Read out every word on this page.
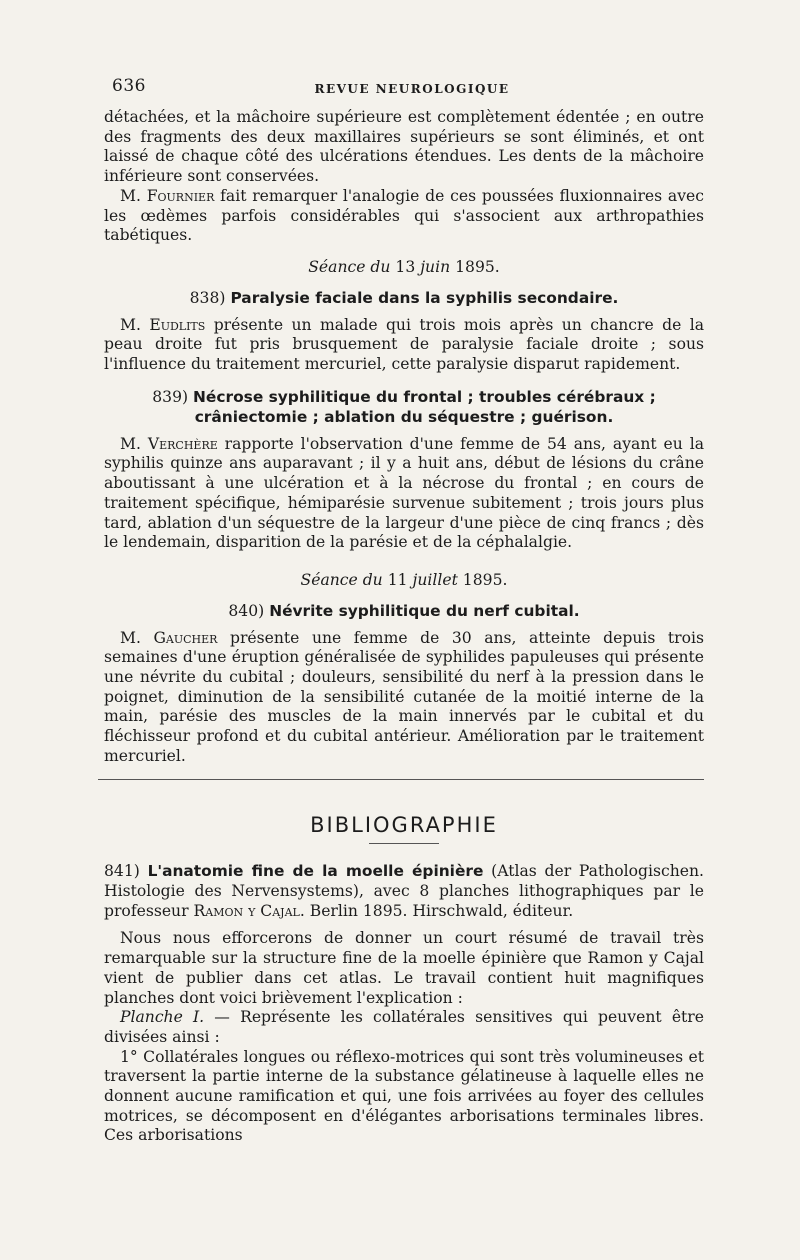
636	REVUE NEUROLOGIQUE

détachées, et la mâchoire supérieure est complètement édentée ; en outre des fragments des deux maxillaires supérieurs se sont éliminés, et ont laissé de chaque côté des ulcérations étendues. Les dents de la mâchoire inférieure sont conservées.

M. Fournier fait remarquer l'analogie de ces poussées fluxionnaires avec les œdèmes parfois considérables qui s'associent aux arthropathies tabétiques.

Séance du 13 juin 1895.

838) Paralysie faciale dans la syphilis secondaire.

M. Eudlits présente un malade qui trois mois après un chancre de la peau droite fut pris brusquement de paralysie faciale droite ; sous l'influence du traitement mercuriel, cette paralysie disparut rapidement.

839) Nécrose syphilitique du frontal ; troubles cérébraux ; crâniectomie ; ablation du séquestre ; guérison.

M. Verchère rapporte l'observation d'une femme de 54 ans, ayant eu la syphilis quinze ans auparavant ; il y a huit ans, début de lésions du crâne aboutissant à une ulcération et à la nécrose du frontal ; en cours de traitement spécifique, hémiparésie survenue subitement ; trois jours plus tard, ablation d'un séquestre de la largeur d'une pièce de cinq francs ; dès le lendemain, disparition de la parésie et de la céphalalgie.

Séance du 11 juillet 1895.

840) Névrite syphilitique du nerf cubital.

M. Gaucher présente une femme de 30 ans, atteinte depuis trois semaines d'une éruption généralisée de syphilides papuleuses qui présente une névrite du cubital ; douleurs, sensibilité du nerf à la pression dans le poignet, diminution de la sensibilité cutanée de la moitié interne de la main, parésie des muscles de la main innervés par le cubital et du fléchisseur profond et du cubital antérieur. Amélioration par le traitement mercuriel.

BIBLIOGRAPHIE

841) L'anatomie fine de la moelle épinière (Atlas der Pathologischen. Histologie des Nervensystems), avec 8 planches lithographiques par le professeur Ramon y Cajal. Berlin 1895. Hirschwald, éditeur.

Nous nous efforcerons de donner un court résumé de travail très remarquable sur la structure fine de la moelle épinière que Ramon y Cajal vient de publier dans cet atlas. Le travail contient huit magnifiques planches dont voici brièvement l'explication :

Planche I. — Représente les collatérales sensitives qui peuvent être divisées ainsi :

1° Collatérales longues ou réflexo-motrices qui sont très volumineuses et traversent la partie interne de la substance gélatineuse à laquelle elles ne donnent aucune ramification et qui, une fois arrivées au foyer des cellules motrices, se décomposent en d'élégantes arborisations terminales libres. Ces arborisations
